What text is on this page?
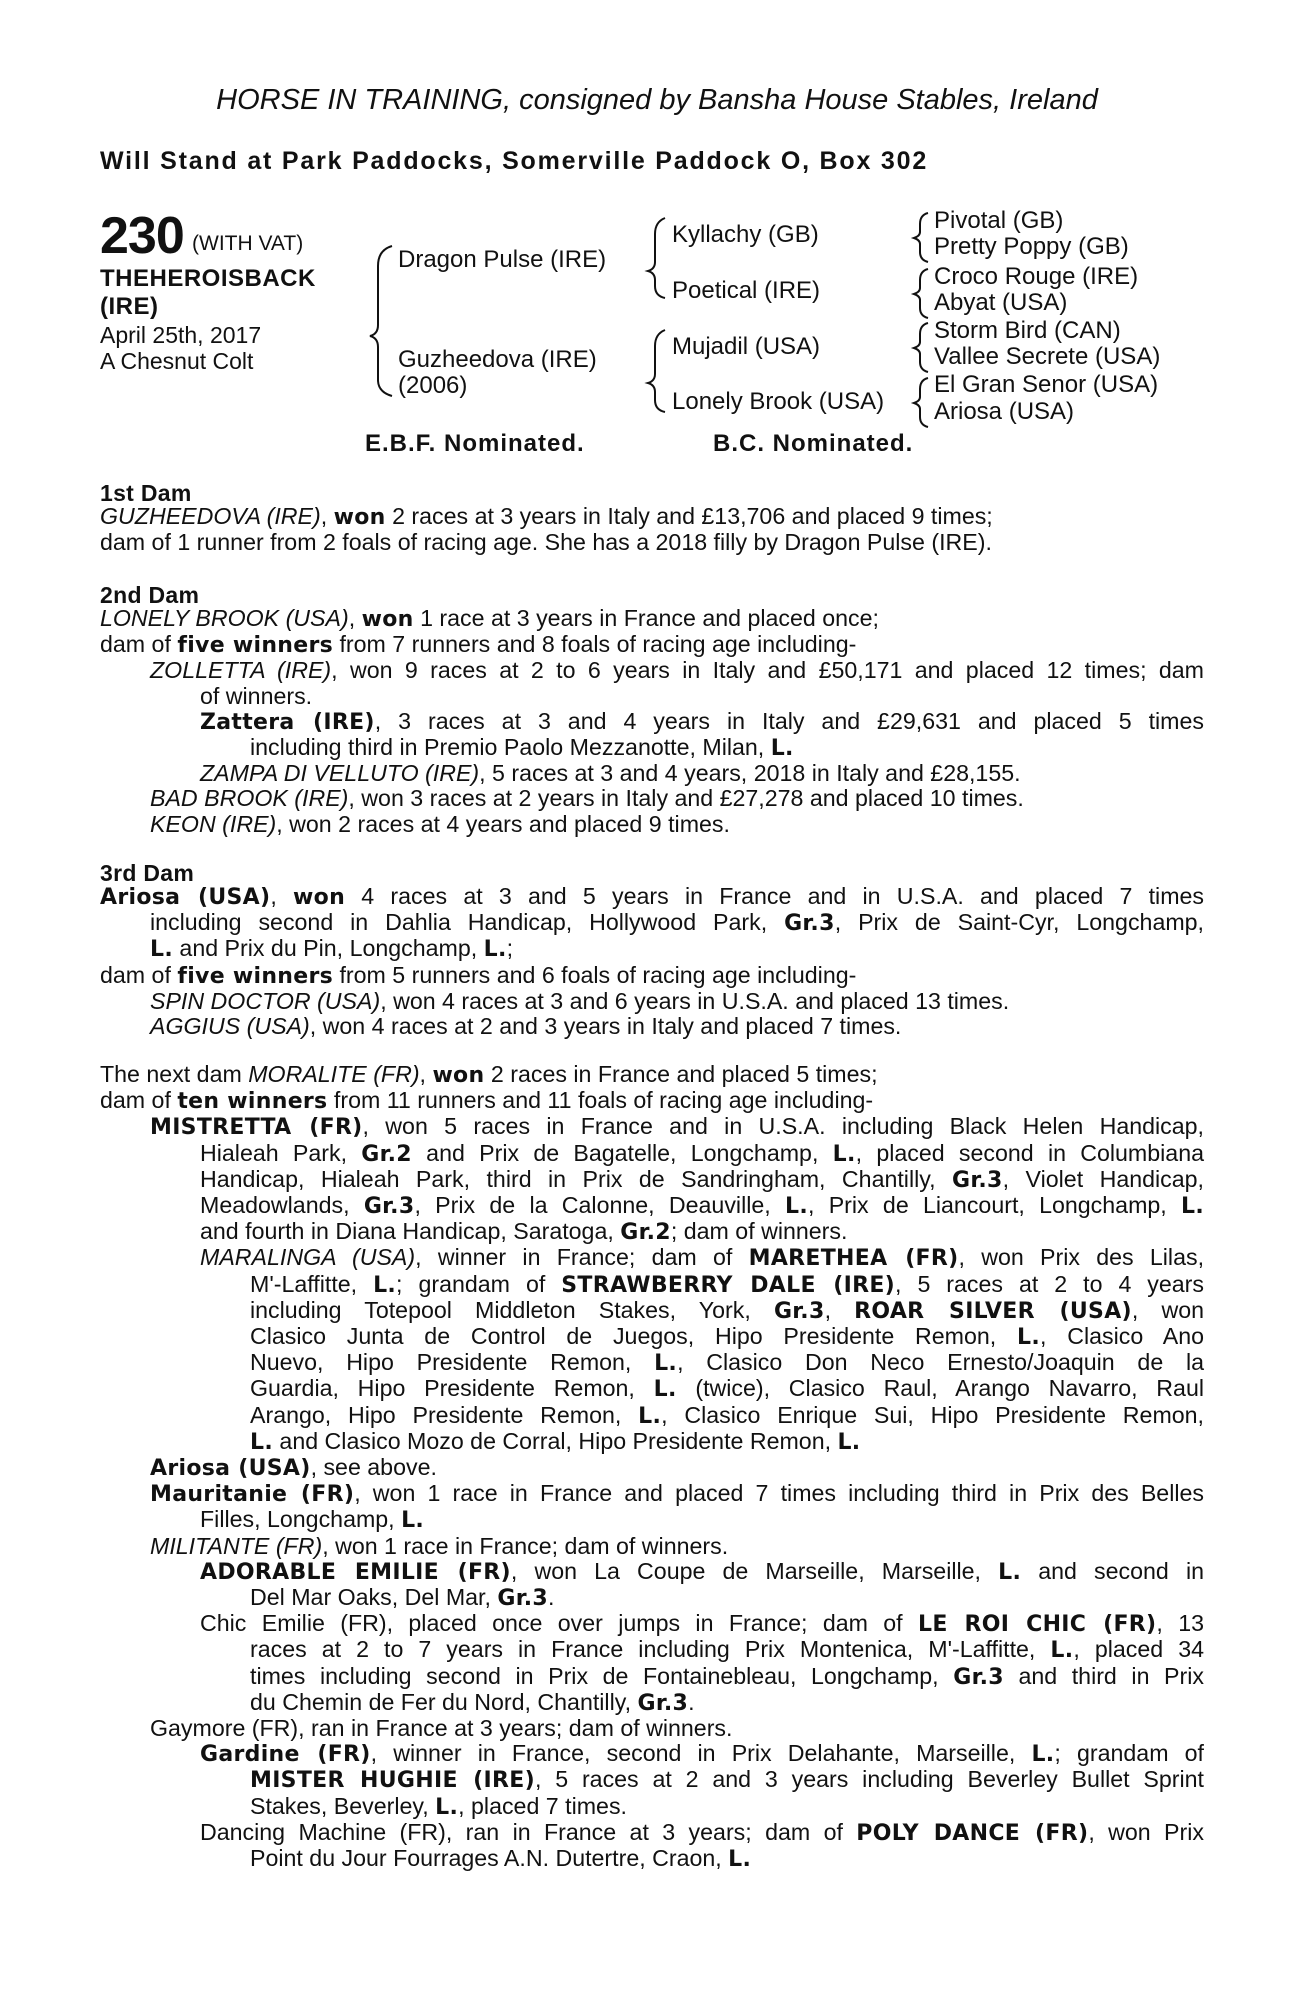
HORSE IN TRAINING, consigned by Bansha House Stables, Ireland
Will Stand at Park Paddocks, Somerville Paddock O, Box 302
230 (WITH VAT)
THEHEROISBACK
(IRE)
April 25th, 2017
A Chesnut Colt
Dragon Pulse (IRE)
Guzheedova (IRE)
(2006)
Kyllachy (GB)
Poetical (IRE)
Mujadil (USA)
Lonely Brook (USA)
Pivotal (GB)
Pretty Poppy (GB)
Croco Rouge (IRE)
Abyat (USA)
Storm Bird (CAN)
Vallee Secrete (USA)
El Gran Senor (USA)
Ariosa (USA)
E.B.F. Nominated.	B.C. Nominated.
1st Dam
GUZHEEDOVA (IRE), won 2 races at 3 years in Italy and £13,706 and placed 9 times;
dam of 1 runner from 2 foals of racing age. She has a 2018 filly by Dragon Pulse (IRE).
2nd Dam
LONELY BROOK (USA), won 1 race at 3 years in France and placed once;
dam of five winners from 7 runners and 8 foals of racing age including-
ZOLLETTA (IRE), won 9 races at 2 to 6 years in Italy and £50,171 and placed 12 times; dam
of winners.
Zattera (IRE), 3 races at 3 and 4 years in Italy and £29,631 and placed 5 times
including third in Premio Paolo Mezzanotte, Milan, L.
ZAMPA DI VELLUTO (IRE), 5 races at 3 and 4 years, 2018 in Italy and £28,155.
BAD BROOK (IRE), won 3 races at 2 years in Italy and £27,278 and placed 10 times.
KEON (IRE), won 2 races at 4 years and placed 9 times.
3rd Dam
Ariosa (USA), won 4 races at 3 and 5 years in France and in U.S.A. and placed 7 times
including second in Dahlia Handicap, Hollywood Park, Gr.3, Prix de Saint-Cyr, Longchamp,
L. and Prix du Pin, Longchamp, L.;
dam of five winners from 5 runners and 6 foals of racing age including-
SPIN DOCTOR (USA), won 4 races at 3 and 6 years in U.S.A. and placed 13 times.
AGGIUS (USA), won 4 races at 2 and 3 years in Italy and placed 7 times.
The next dam MORALITE (FR), won 2 races in France and placed 5 times;
dam of ten winners from 11 runners and 11 foals of racing age including-
MISTRETTA (FR), won 5 races in France and in U.S.A. including Black Helen Handicap,
Hialeah Park, Gr.2 and Prix de Bagatelle, Longchamp, L., placed second in Columbiana
Handicap, Hialeah Park, third in Prix de Sandringham, Chantilly, Gr.3, Violet Handicap,
Meadowlands, Gr.3, Prix de la Calonne, Deauville, L., Prix de Liancourt, Longchamp, L.
and fourth in Diana Handicap, Saratoga, Gr.2; dam of winners.
MARALINGA (USA), winner in France; dam of MARETHEA (FR), won Prix des Lilas,
M'-Laffitte, L.; grandam of STRAWBERRY DALE (IRE), 5 races at 2 to 4 years
including Totepool Middleton Stakes, York, Gr.3, ROAR SILVER (USA), won
Clasico Junta de Control de Juegos, Hipo Presidente Remon, L., Clasico Ano
Nuevo, Hipo Presidente Remon, L., Clasico Don Neco Ernesto/Joaquin de la
Guardia, Hipo Presidente Remon, L. (twice), Clasico Raul, Arango Navarro, Raul
Arango, Hipo Presidente Remon, L., Clasico Enrique Sui, Hipo Presidente Remon,
L. and Clasico Mozo de Corral, Hipo Presidente Remon, L.
Ariosa (USA), see above.
Mauritanie (FR), won 1 race in France and placed 7 times including third in Prix des Belles
Filles, Longchamp, L.
MILITANTE (FR), won 1 race in France; dam of winners.
ADORABLE EMILIE (FR), won La Coupe de Marseille, Marseille, L. and second in
Del Mar Oaks, Del Mar, Gr.3.
Chic Emilie (FR), placed once over jumps in France; dam of LE ROI CHIC (FR), 13
races at 2 to 7 years in France including Prix Montenica, M'-Laffitte, L., placed 34
times including second in Prix de Fontainebleau, Longchamp, Gr.3 and third in Prix
du Chemin de Fer du Nord, Chantilly, Gr.3.
Gaymore (FR), ran in France at 3 years; dam of winners.
Gardine (FR), winner in France, second in Prix Delahante, Marseille, L.; grandam of
MISTER HUGHIE (IRE), 5 races at 2 and 3 years including Beverley Bullet Sprint
Stakes, Beverley, L., placed 7 times.
Dancing Machine (FR), ran in France at 3 years; dam of POLY DANCE (FR), won Prix
Point du Jour Fourrages A.N. Dutertre, Craon, L.
